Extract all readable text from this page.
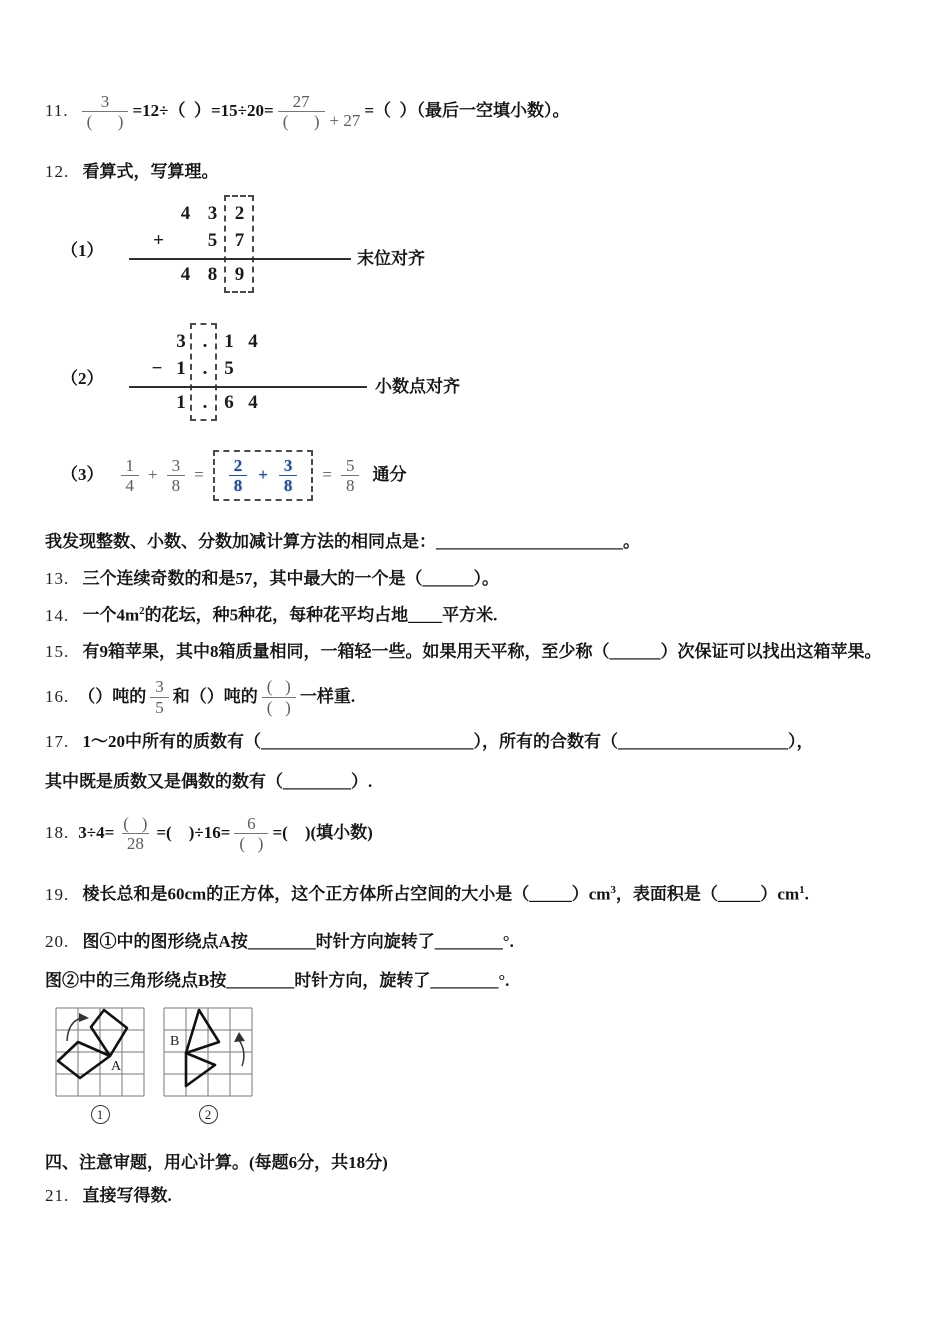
11. $\frac{3}{( )} =12\div$（  ）$=15\div 20= \frac{27}{( )} + 27$
=（  ）（最后一空填小数）。
12. 看算式，写算理。
（1）
4 3 2
+	5 7
4 8 9
末位对齐
（2）
3 . 1 4
− 1 . 5
1 . 6 4
小数点对齐
$(3) \frac{1}{4} + \frac{3}{8} = \frac{2}{8} + \frac{3}{8} = \frac{5}{8}$ 通分
我发现整数、小数、分数加减计算方法的相同点是：______________________。
13. 三个连续奇数的和是57，其中最大的一个是（______）。
14. 一个$4m^2$的花坛，种5种花，每种花平均占地____平方米.
15. 有9箱苹果，其中8箱质量相同，一箱轻一些。如果用天平称，至少称（______）次保证可以找出这箱苹果。
16. （）吨的 $\frac{3}{5}$ 和（）吨的 $\frac{( )}{( )}$ 一样重.
17. 1～20中所有的质数有（_________________________），所有的合数有（____________________），
其中既是质数又是偶数的数有（________）.
18. $3\div 4= \frac{( )}{28}$ =(    )$\div 16= \frac{6}{( )}$ =(    )(填小数)
19. 棱长总和是60cm的正方体，这个正方体所占空间的大小是$(\_\_\_\_\_)cm^3$，表面积是$(\_\_\_\_\_)cm^1$.
20. 图①中的图形绕点A按________时针方向旋转了________°.
图②中的三角形绕点B按________时针方向，旋转了________°.
A
1
B
2
四、注意审题，用心计算。(每题6分，共18分)
21. 直接写得数.
